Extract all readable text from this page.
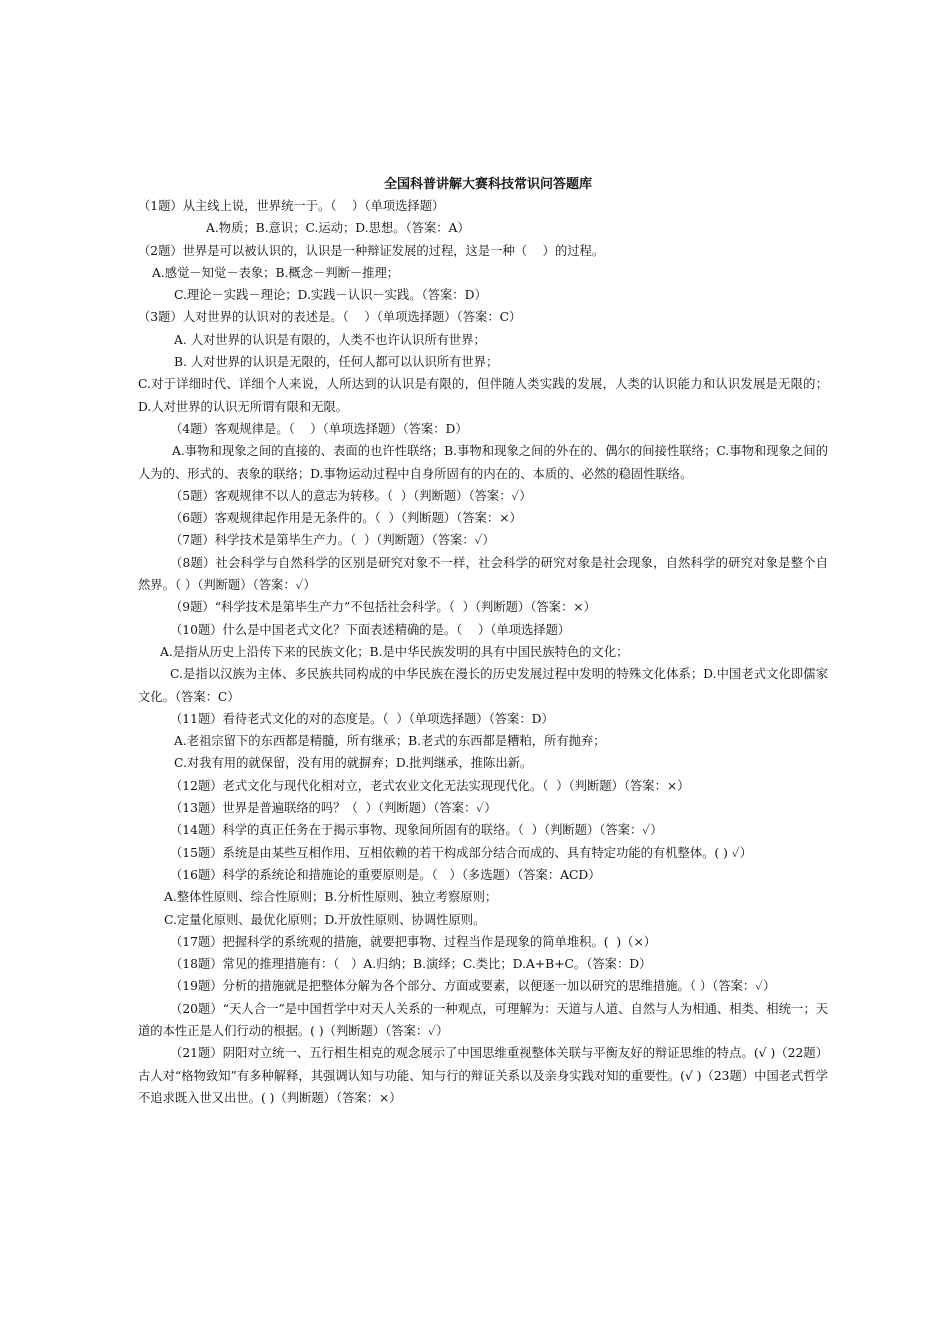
全国科普讲解大赛科技常识问答题库
（1题）从主线上说，世界统一于。（    ）（单项选择题）
A.物质；B.意识；C.运动；D.思想。（答案：A）
（2题）世界是可以被认识的，认识是一种辩证发展的过程，这是一种（    ）的过程。
A.感觉－知觉－表象；B.概念－判断－推理；
C.理论－实践－理论；D.实践－认识－实践。（答案：D）
（3题）人对世界的认识对的表述是。（    ）（单项选择题）（答案：C）
A. 人对世界的认识是有限的，人类不也许认识所有世界；
B. 人对世界的认识是无限的，任何人都可以认识所有世界；
C.对于详细时代、详细个人来说，人所达到的认识是有限的，但伴随人类实践的发展，人类的认识能力和认识发展是无限的；D.人对世界的认识无所谓有限和无限。
（4题）客观规律是。（    ）（单项选择题）（答案：D）
A.事物和现象之间的直接的、表面的也许性联络；B.事物和现象之间的外在的、偶尔的间接性联络；C.事物和现象之间的人为的、形式的、表象的联络；D.事物运动过程中自身所固有的内在的、本质的、必然的稳固性联络。
（5题）客观规律不以人的意志为转移。（  ）（判断题）（答案：✓）
（6题）客观规律起作用是无条件的。（  ）（判断题）（答案：×）
（7题）科学技术是第毕生产力。（  ）（判断题）（答案：✓）
（8题）社会科学与自然科学的区别是研究对象不一样，社会科学的研究对象是社会现象，自然科学的研究对象是整个自然界。（ ）（判断题）（答案：✓）
（9题）“科学技术是第毕生产力”不包括社会科学。（  ）（判断题）（答案：×）
（10题）什么是中国老式文化？下面表述精确的是。（    ）（单项选择题）
A.是指从历史上沿传下来的民族文化；B.是中华民族发明的具有中国民族特色的文化；
C.是指以汉族为主体、多民族共同构成的中华民族在漫长的历史发展过程中发明的特殊文化体系；D.中国老式文化即儒家文化。（答案：C）
（11题）看待老式文化的对的态度是。（  ）（单项选择题）（答案：D）
A.老祖宗留下的东西都是精髓，所有继承；B.老式的东西都是糟粕，所有抛弃；
C.对我有用的就保留，没有用的就摒弃；D.批判继承，推陈出新。
（12题）老式文化与现代化相对立，老式农业文化无法实现现代化。（  ）（判断题）（答案：×）
（13题）世界是普遍联络的吗？（  ）（判断题）（答案：✓）
（14题）科学的真正任务在于揭示事物、现象间所固有的联络。（  ）（判断题）（答案：✓）
（15题）系统是由某些互相作用、互相依赖的若干构成部分结合而成的、具有特定功能的有机整体。( ) ✓）
（16题）科学的系统论和措施论的重要原则是。（   ）（多选题）（答案：ACD）
A.整体性原则、综合性原则；B.分析性原则、独立考察原则；
C.定量化原则、最优化原则；D.开放性原则、协调性原则。
（17题）把握科学的系统观的措施，就要把事物、过程当作是现象的简单堆积。(  )（×）
（18题）常见的推理措施有：（   ）A.归纳；B.演绎；C.类比；D.A+B+C。（答案：D）
（19题）分析的措施就是把整体分解为各个部分、方面或要素，以便逐一加以研究的思维措施。（ ）（答案：✓）
（20题）“天人合一”是中国哲学中对天人关系的一种观点，可理解为：天道与人道、自然与人为相通、相类、相统一；天道的本性正是人们行动的根据。( )（判断题）（答案：✓）
（21题）阴阳对立统一、五行相生相克的观念展示了中国思维重视整体关联与平衡友好的辩证思维的特点。(√ )（22题）古人对“格物致知”有多种解释，其强调认知与功能、知与行的辩证关系以及亲身实践对知的重要性。(√ )（23题）中国老式哲学不追求既入世又出世。( )（判断题）（答案：×）
